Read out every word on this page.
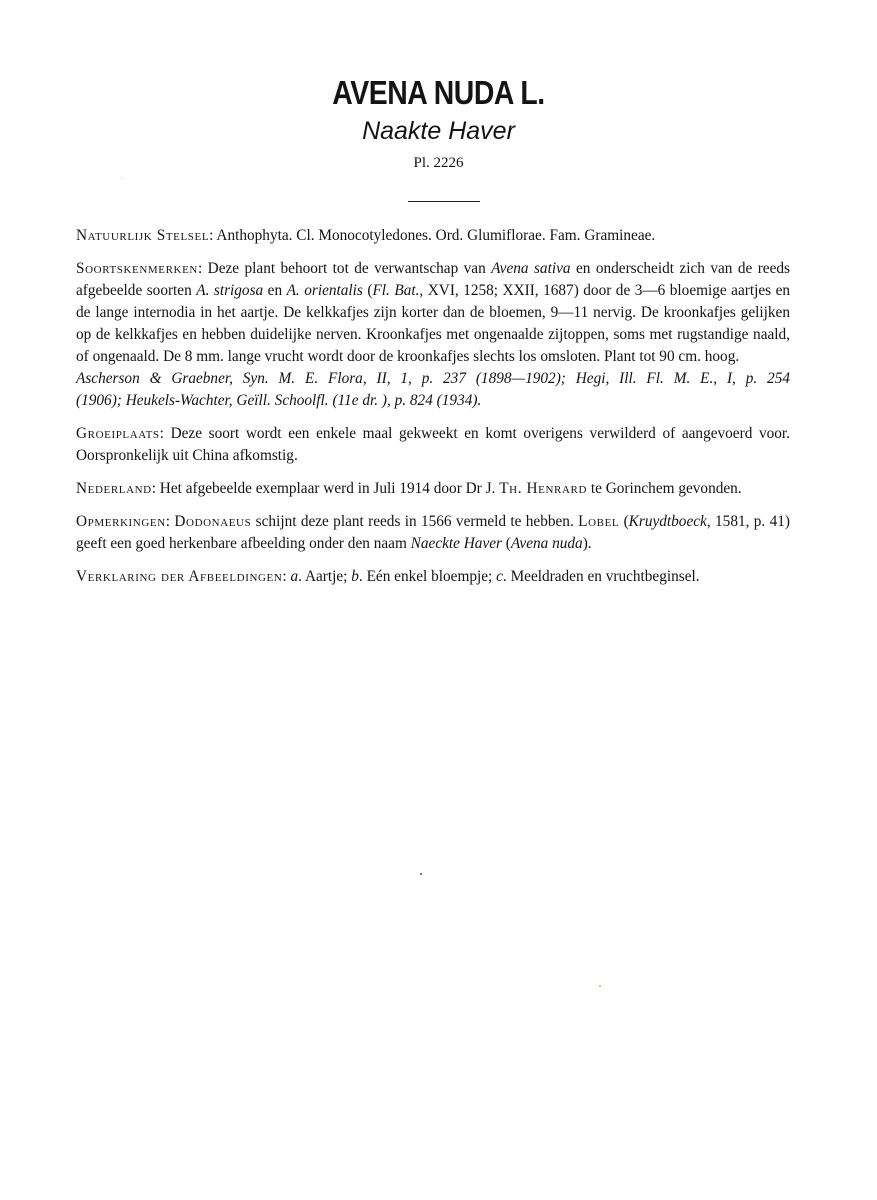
AVENA NUDA L.
Naakte Haver
Pl. 2226

Natuurlijk Stelsel: Anthophyta. Cl. Monocotyledones. Ord. Glumiflorae. Fam. Gramineae.

Soortskenmerken: Deze plant behoort tot de verwantschap van Avena sativa en onderscheidt zich van de reeds afgebeelde soorten A. strigosa en A. orientalis (Fl. Bat., XVI, 1258; XXII, 1687) door de 3—6 bloemige aartjes en de lange internodia in het aartje. De kelkkafjes zijn korter dan de bloemen, 9—11 nervig. De kroonkafjes gelijken op de kelkkafjes en hebben duidelijke nerven. Kroonkafjes met ongenaalde zijtoppen, soms met rugstandige naald, of ongenaald. De 8 mm. lange vrucht wordt door de kroonkafjes slechts los omsloten. Plant tot 90 cm. hoog.

Ascherson & Graebner, Syn. M. E. Flora, II, 1, p. 237 (1898—1902); Hegi, Ill. Fl. M. E., I, p. 254
(1906); Heukels-Wachter, Geïll. Schoolfl. (11e dr. ), p. 824 (1934).

Groeiplaats: Deze soort wordt een enkele maal gekweekt en komt overigens verwilderd of aangevoerd voor. Oorspronkelijk uit China afkomstig.

Nederland: Het afgebeelde exemplaar werd in Juli 1914 door Dr J. Th. Henrard te Gorinchem gevonden.

Opmerkingen: Dodonaeus schijnt deze plant reeds in 1566 vermeld te hebben. Lobel (Kruydtboeck, 1581, p. 41) geeft een goed herkenbare afbeelding onder den naam Naeckte Haver (Avena nuda).

Verklaring der Afbeeldingen: a. Aartje; b. Eén enkel bloempje; c. Meeldraden en vruchtbeginsel.
